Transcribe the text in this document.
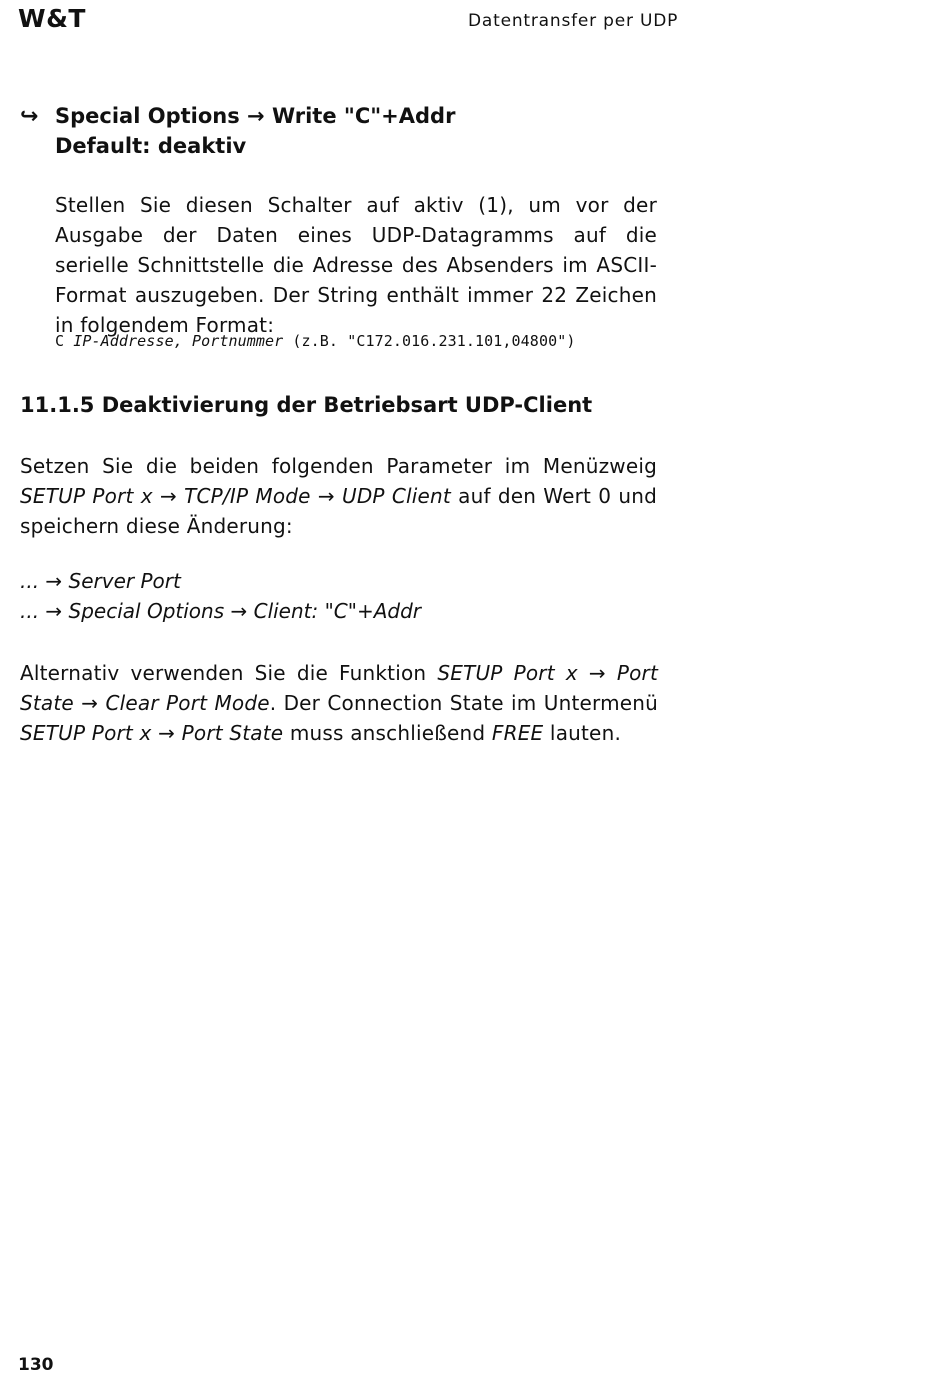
W&T	Datentransfer per UDP
↪ Special Options → Write "C"+Addr
Default: deaktiv
Stellen Sie diesen Schalter auf aktiv (1), um vor der Ausgabe der Daten eines UDP-Datagramms auf die serielle Schnittstelle die Adresse des Absenders im ASCII-Format auszugeben. Der String enthält immer 22 Zeichen in folgendem Format:
C IP-Addresse, Portnummer (z.B. "C172.016.231.101,04800")
11.1.5 Deaktivierung der Betriebsart UDP-Client
Setzen Sie die beiden folgenden Parameter im Menüzweig SETUP Port x → TCP/IP Mode → UDP Client auf den Wert 0 und speichern diese Änderung:
... → Server Port
... → Special Options → Client: "C"+Addr
Alternativ verwenden Sie die Funktion SETUP Port x → Port State → Clear Port Mode. Der Connection State im Untermenü SETUP Port x → Port State muss anschließend FREE lauten.
130
